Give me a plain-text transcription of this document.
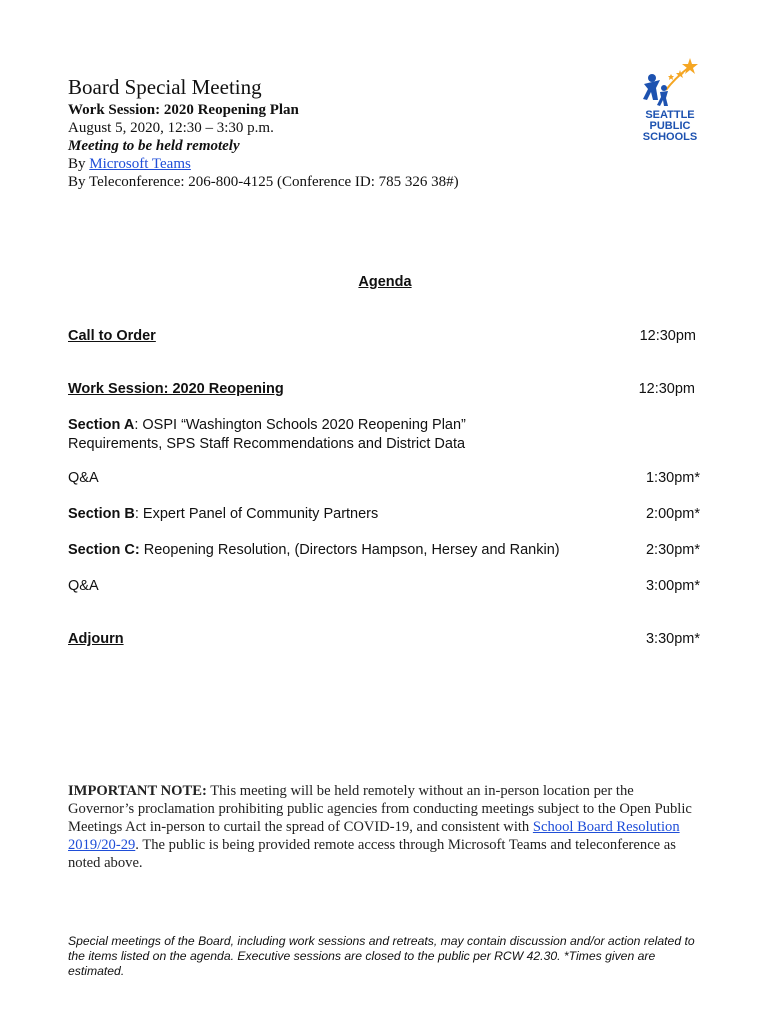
Board Special Meeting
Work Session: 2020 Reopening Plan
August 5, 2020, 12:30 – 3:30 p.m.
Meeting to be held remotely
By Microsoft Teams
By Teleconference: 206-800-4125 (Conference ID: 785 326 38#)
SEATTLE
PUBLIC
SCHOOLS
Agenda
Call to Order	12:30pm
Work Session: 2020 Reopening	12:30pm
Section A: OSPI “Washington Schools 2020 Reopening Plan”
Requirements, SPS Staff Recommendations and District Data
Q&A	1:30pm*
Section B: Expert Panel of Community Partners	2:00pm*
Section C: Reopening Resolution, (Directors Hampson, Hersey and Rankin)	2:30pm*
Q&A	3:00pm*
Adjourn	3:30pm*
IMPORTANT NOTE: This meeting will be held remotely without an in-person location per the Governor’s proclamation prohibiting public agencies from conducting meetings subject to the Open Public Meetings Act in-person to curtail the spread of COVID-19, and consistent with School Board Resolution 2019/20-29. The public is being provided remote access through Microsoft Teams and teleconference as noted above.
Special meetings of the Board, including work sessions and retreats, may contain discussion and/or action related to the items listed on the agenda. Executive sessions are closed to the public per RCW 42.30. *Times given are estimated.
